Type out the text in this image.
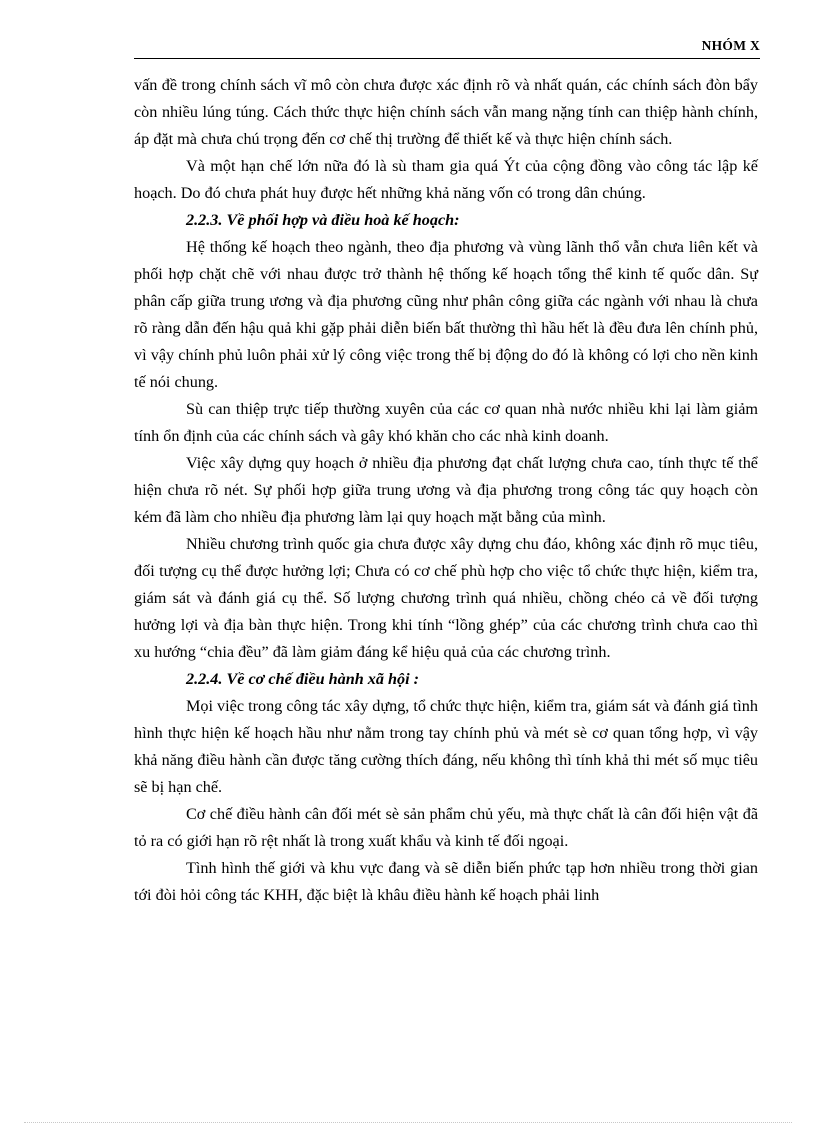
NHÓM X

vấn đề trong chính sách vĩ mô còn chưa được xác định rõ và nhất quán, các chính sách đòn bẩy còn nhiều lúng túng. Cách thức thực hiện chính sách vẫn mang nặng tính can thiệp hành chính, áp đặt mà chưa chú trọng đến cơ chế thị trường để thiết kế và thực hiện chính sách.

Và một hạn chế lớn nữa đó là sù tham gia quá Ýt của cộng đồng vào công tác lập kế hoạch. Do đó chưa phát huy được hết những khả năng vốn có trong dân chúng.

2.2.3. Về phối hợp và điều hoà kế hoạch:

Hệ thống kế hoạch theo ngành, theo địa phương và vùng lãnh thổ vẫn chưa liên kết và phối hợp chặt chẽ với nhau được trở thành hệ thống kế hoạch tổng thể kinh tế quốc dân. Sự phân cấp giữa trung ương và địa phương cũng như phân công giữa các ngành với nhau là chưa rõ ràng dẫn đến hậu quả khi gặp phải diễn biến bất thường thì hầu hết là đều đưa lên chính phủ, vì vậy chính phủ luôn phải xử lý công việc trong thế bị động do đó là không có lợi cho nền kinh tế nói chung.

Sù can thiệp trực tiếp thường xuyên của các cơ quan nhà nước nhiều khi lại làm giảm tính ổn định của các chính sách và gây khó khăn cho các nhà kinh doanh.

Việc xây dựng quy hoạch ở nhiều địa phương đạt chất lượng chưa cao, tính thực tế thể hiện chưa rõ nét. Sự phối hợp giữa trung ương và địa phương trong công tác quy hoạch còn kém đã làm cho nhiều địa phương làm lại quy hoạch mặt bằng của mình.

Nhiều chương trình quốc gia chưa được xây dựng chu đáo, không xác định rõ mục tiêu, đối tượng cụ thể được hưởng lợi; Chưa có cơ chế phù hợp cho việc tổ chức thực hiện, kiểm tra, giám sát và đánh giá cụ thể. Số lượng chương trình quá nhiều, chồng chéo cả về đối tượng hưởng lợi và địa bàn thực hiện. Trong khi tính “lồng ghép” của các chương trình chưa cao thì xu hướng “chia đều” đã làm giảm đáng kể hiệu quả của các chương trình.

2.2.4. Về cơ chế điều hành xã hội :

Mọi việc trong công tác xây dựng, tổ chức thực hiện, kiểm tra, giám sát và đánh giá tình hình thực hiện kế hoạch hầu như nằm trong tay chính phủ và mét sè cơ quan tổng hợp, vì vậy khả năng điều hành cần được tăng cường thích đáng, nếu không thì tính khả thi mét số mục tiêu sẽ bị hạn chế.

Cơ chế điều hành cân đối mét sè sản phẩm chủ yếu, mà thực chất là cân đối hiện vật đã tỏ ra có giới hạn rõ rệt nhất là trong xuất khẩu và kinh tế đối ngoại.

Tình hình thế giới và khu vực đang và sẽ diễn biến phức tạp hơn nhiều trong thời gian tới đòi hỏi công tác KHH, đặc biệt là khâu điều hành kế hoạch phải linh
